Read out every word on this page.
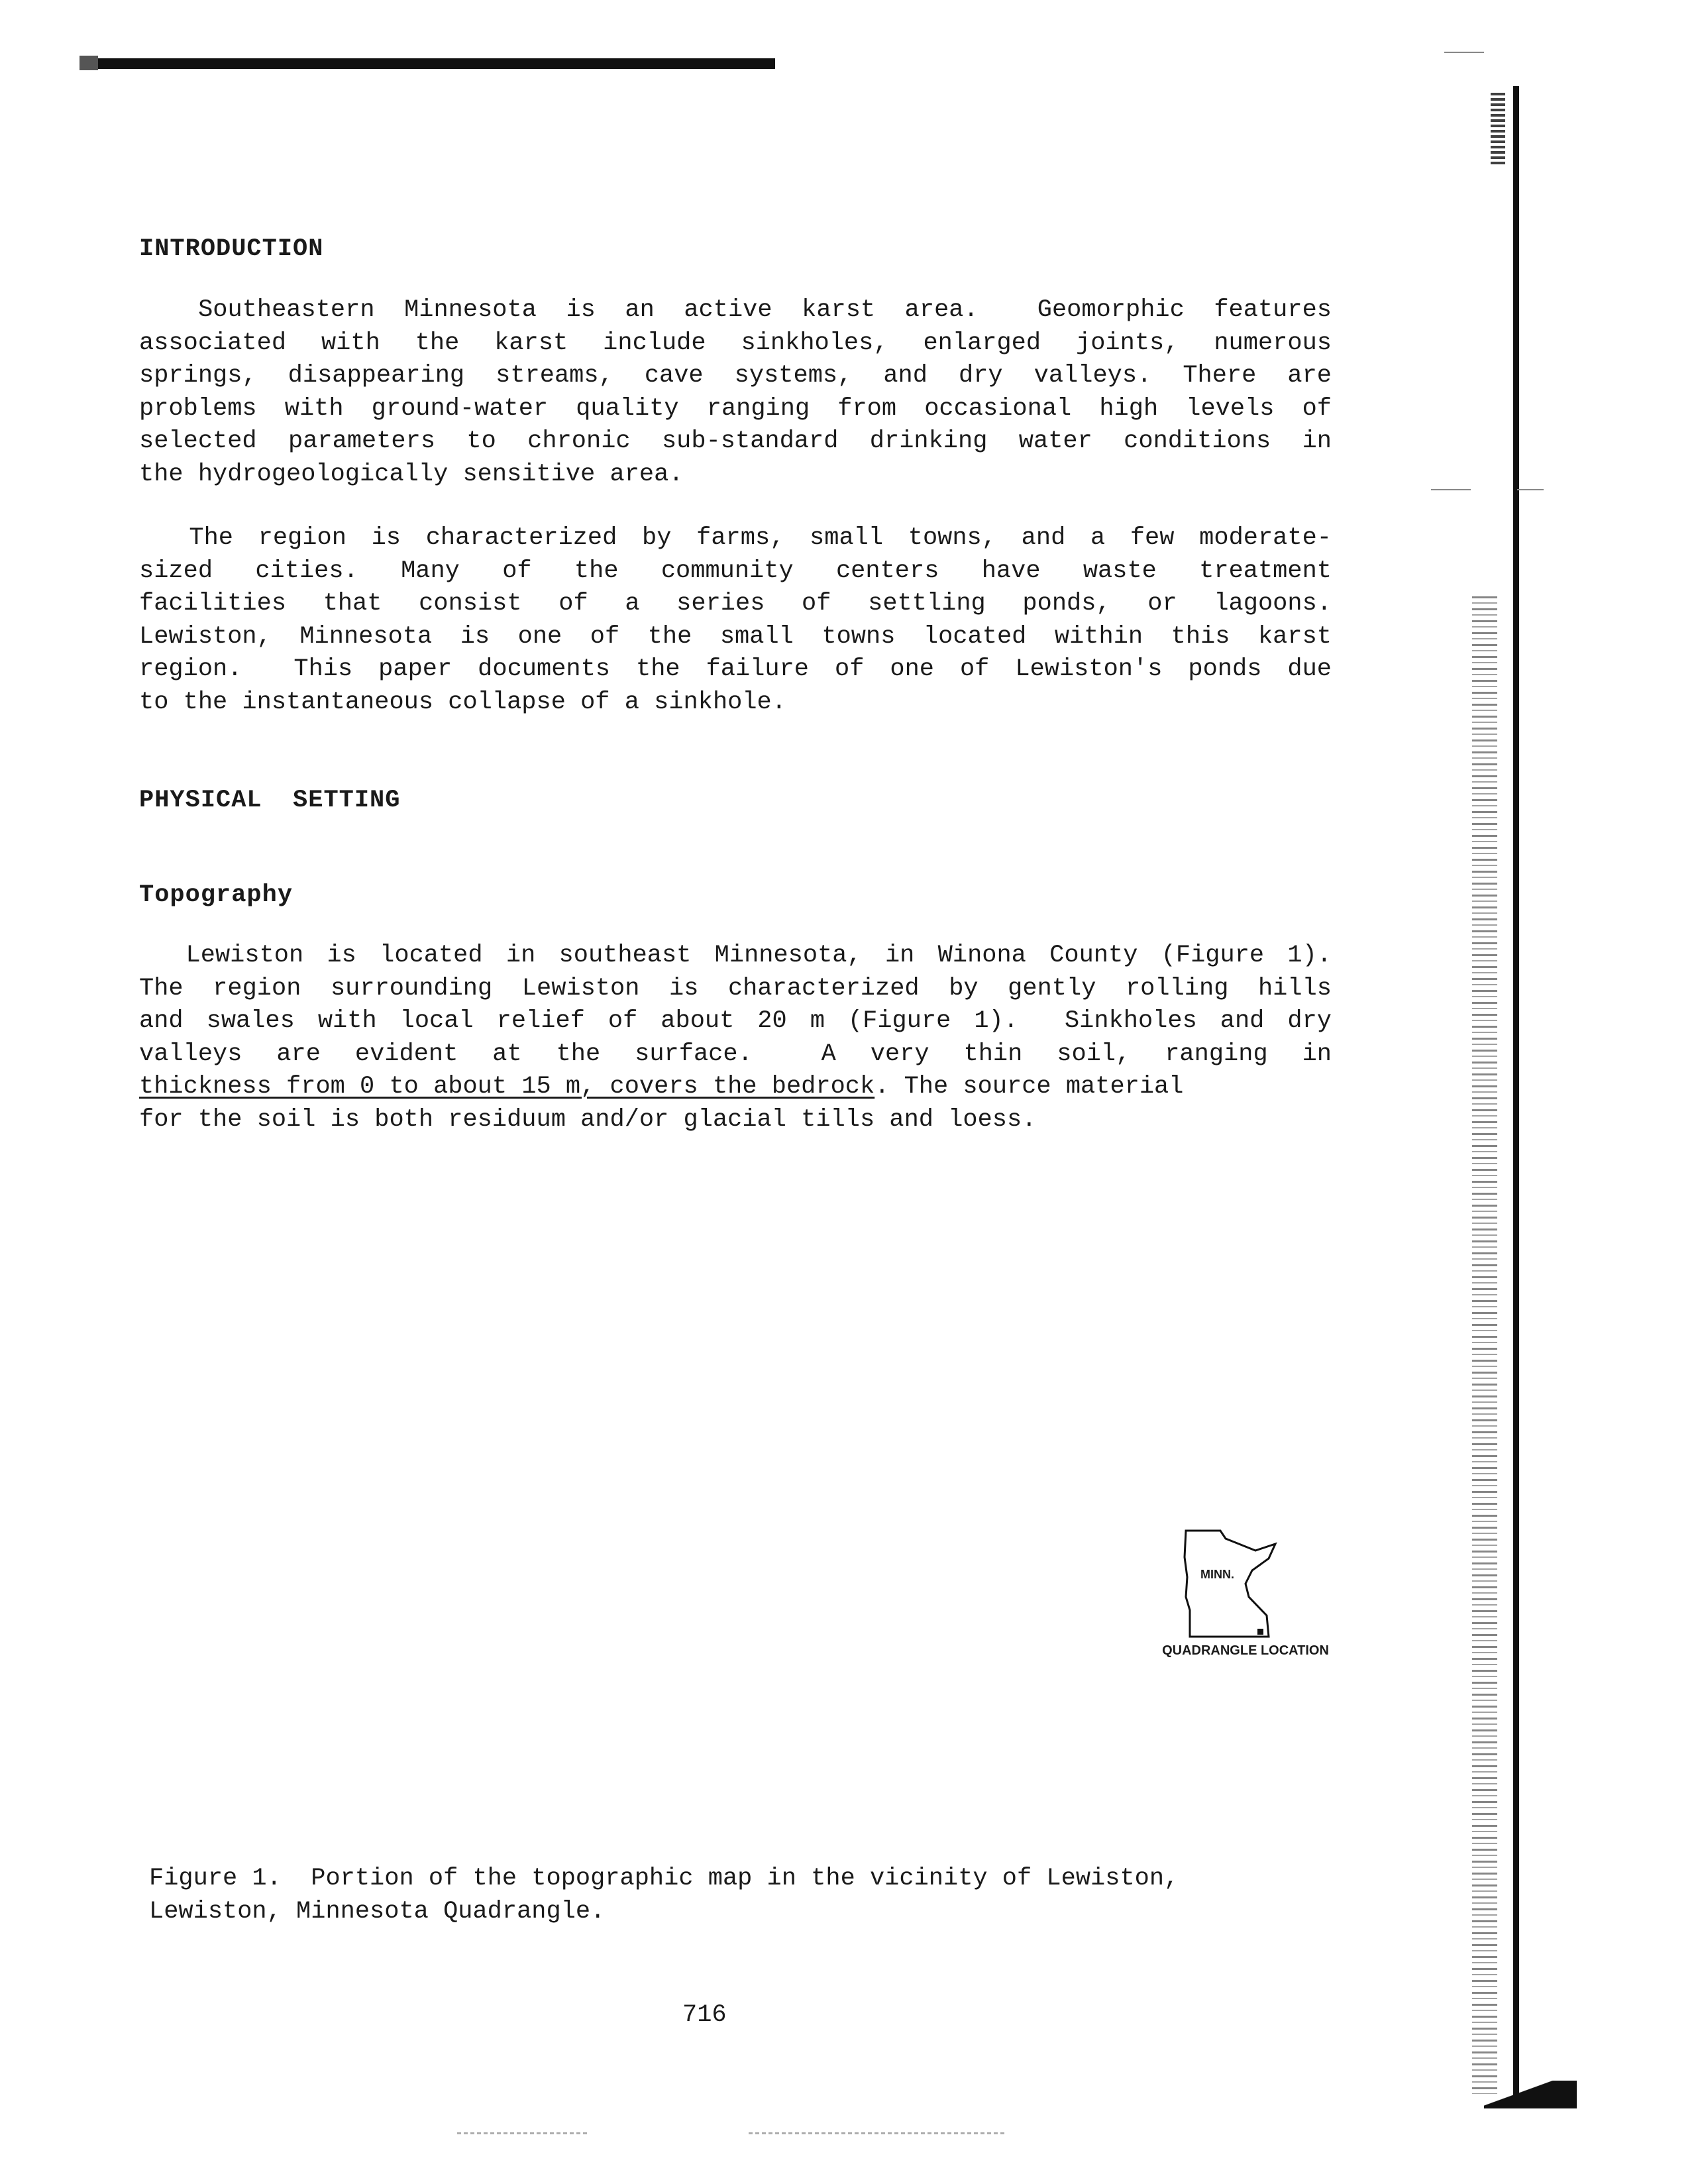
INTRODUCTION
Southeastern Minnesota is an active karst area.  Geomorphic features
associated with the karst include sinkholes, enlarged joints, numerous
springs, disappearing streams, cave systems, and dry valleys. There are
problems with ground-water quality ranging from occasional high levels of
selected parameters to chronic sub-standard drinking water conditions in
the hydrogeologically sensitive area.
The region is characterized by farms, small towns, and a few moderate-
sized cities. Many of the community centers have waste treatment
facilities that consist of a series of settling ponds, or lagoons.
Lewiston, Minnesota is one of the small towns located within this karst
region.  This paper documents the failure of one of Lewiston's ponds due
to the instantaneous collapse of a sinkhole.
PHYSICAL  SETTING
Topography
Lewiston is located in southeast Minnesota, in Winona County (Figure 1).
The region surrounding Lewiston is characterized by gently rolling hills
and swales with local relief of about 20 m (Figure 1).  Sinkholes and dry
valleys are evident at the surface.  A very thin soil, ranging in
thickness from 0 to about 15 m, covers the bedrock. The source material
for the soil is both residuum and/or glacial tills and loess.

MINN.

QUADRANGLE LOCATION

Figure 1.  Portion of the topographic map in the vicinity of Lewiston,
Lewiston, Minnesota Quadrangle.

716
